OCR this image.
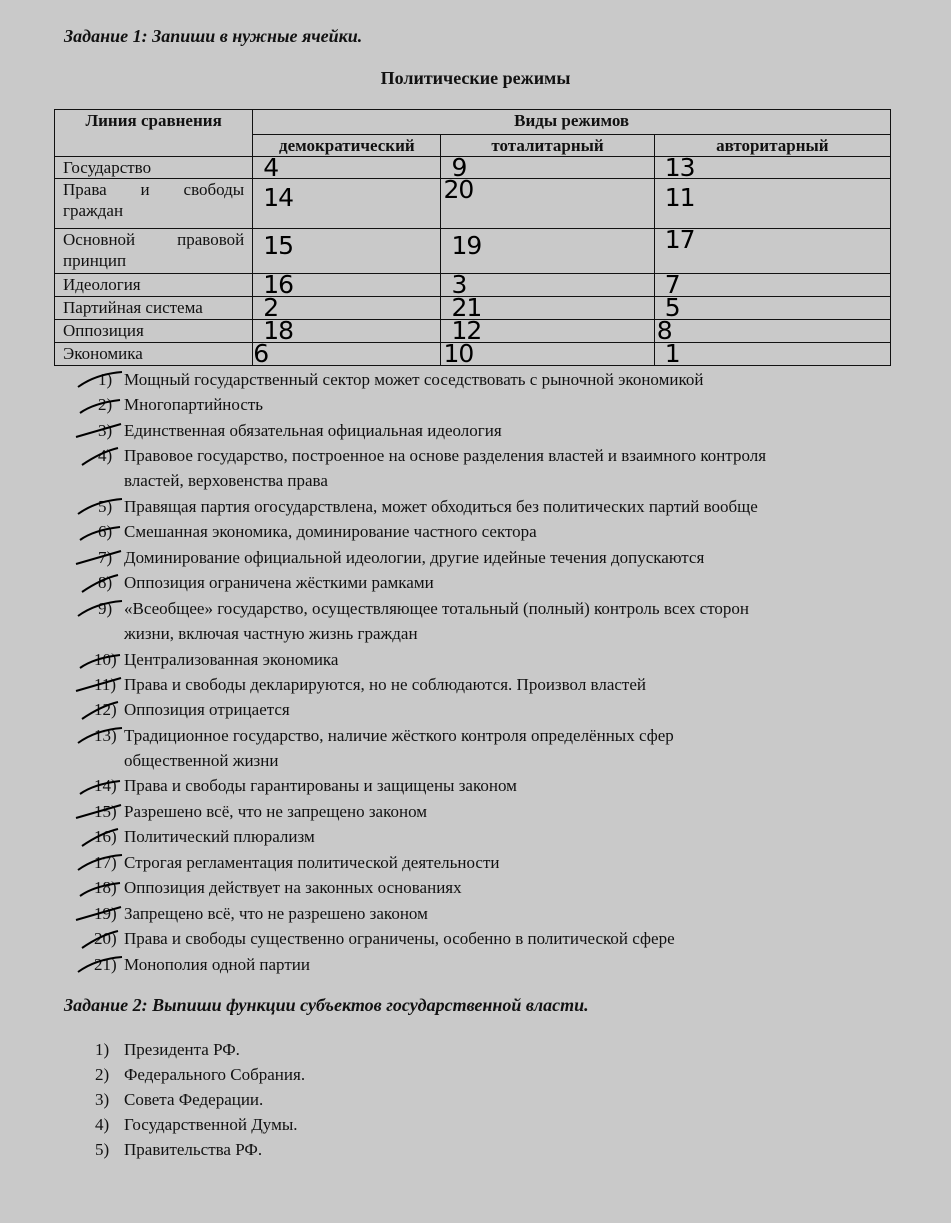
Задание 1: Запиши в нужные ячейки.
Политические режимы
Линия сравнения	Виды режимов		
	демократический	тоталитарный	авторитарный
Государство	4	9	13

Права и свободы граждан	14	20	11

Основной правовой принцип	15	19	17

Идеология	16	3	7

Партийная система	2	21	5

Оппозиция	18	12	8

Экономика	6	10	1
1) Мощный государственный сектор может соседствовать с рыночной экономикой
2) Многопартийность
3) Единственная обязательная официальная идеология
4) Правовое государство, построенное на основе разделения властей и взаимного контроля
властей, верховенства права
5) Правящая партия огосударствлена, может обходиться без политических партий вообще
6) Смешанная экономика, доминирование частного сектора
7) Доминирование официальной идеологии, другие идейные течения допускаются
8) Оппозиция ограничена жёсткими рамками
9) «Всеобщее» государство, осуществляющее тотальный (полный) контроль всех сторон
жизни, включая частную жизнь граждан
10) Централизованная экономика
11) Права и свободы декларируются, но не соблюдаются. Произвол властей
12) Оппозиция отрицается
13) Традиционное государство, наличие жёсткого контроля определённых сфер
общественной жизни
14) Права и свободы гарантированы и защищены законом
15) Разрешено всё, что не запрещено законом
16) Политический плюрализм
17) Строгая регламентация политической деятельности
18) Оппозиция действует на законных основаниях
19) Запрещено всё, что не разрешено законом
20) Права и свободы существенно ограничены, особенно в политической сфере
21) Монополия одной партии
Задание 2: Выпиши функции субъектов государственной власти.
1) Президента РФ.
2) Федерального Собрания.
3) Совета Федерации.
4) Государственной Думы.
5) Правительства РФ.
